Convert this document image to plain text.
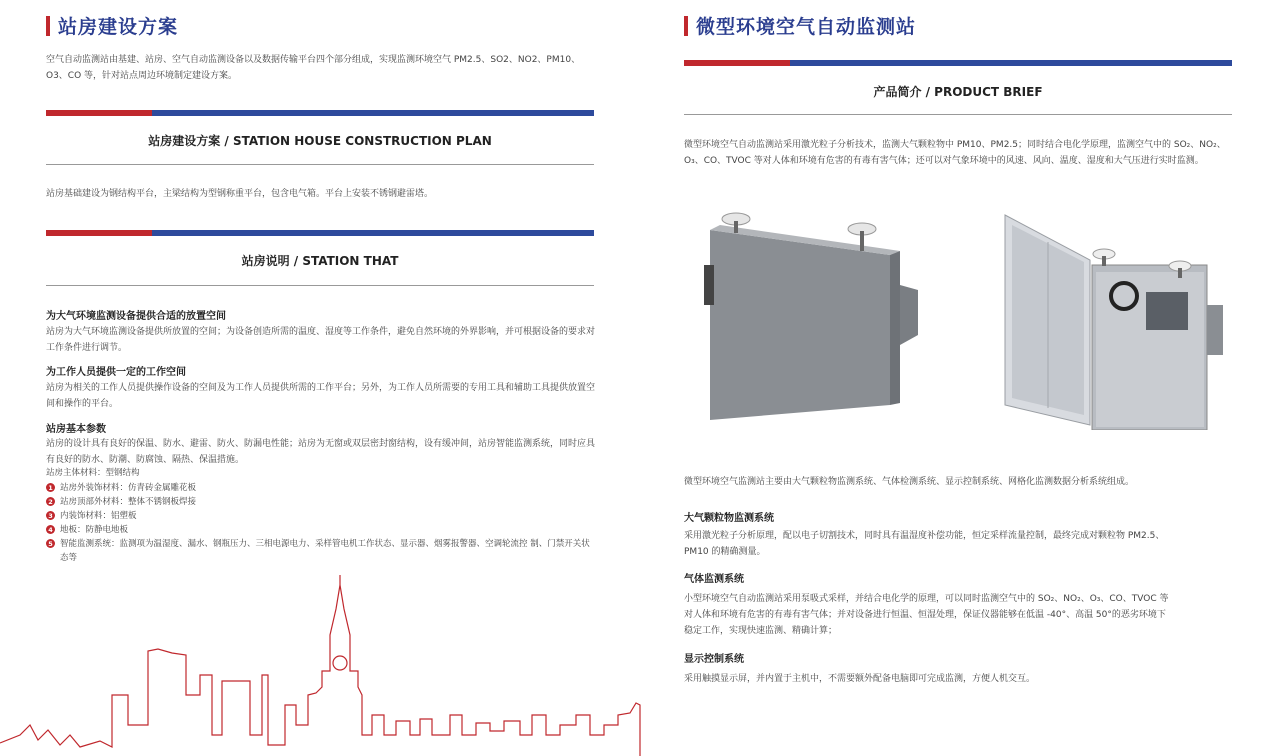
站房建设方案
空气自动监测站由基建、站房、空气自动监测设备以及数据传输平台四个部分组成，实现监测环境空气 PM2.5、SO2、NO2、PM10、O3、CO 等，针对站点周边环境制定建设方案。
站房建设方案 / STATION HOUSE CONSTRUCTION PLAN
站房基础建设为钢结构平台，主梁结构为型钢称重平台，包含电气箱。平台上安装不锈钢避雷塔。
站房说明 / STATION THAT
为大气环境监测设备提供合适的放置空间
站房为大气环境监测设备提供所放置的空间；为设备创造所需的温度、湿度等工作条件，避免自然环境的外界影响，并可根据设备的要求对工作条件进行调节。
为工作人员提供一定的工作空间
站房为相关的工作人员提供操作设备的空间及为工作人员提供所需的工作平台；另外，为工作人员所需要的专用工具和辅助工具提供放置空间和操作的平台。
站房基本参数
站房的设计具有良好的保温、防水、避雷、防火、防漏电性能；站房为无窗或双层密封窗结构，设有缓冲间，站房智能监测系统，同时应具有良好的防水、防潮、防腐蚀、隔热、保温措施。
站房主体材料：型钢结构
1 站房外装饰材料：仿青砖金属雕花板
2 站房顶部外材料：整体不锈钢板焊接
3 内装饰材料：铝塑板
4 地板：防静电地板
5 智能监测系统：监测项为温湿度、漏水、钢瓶压力、三相电源电力、采样管电机工作状态、显示器、烟雾报警器、空调轮流控 制、门禁开关状态等
微型环境空气自动监测站
产品简介 / PRODUCT BRIEF
微型环境空气自动监测站采用激光粒子分析技术，监测大气颗粒物中 PM10、PM2.5；同时结合电化学原理，监测空气中的 SO₂、NO₂、O₃、CO、TVOC 等对人体和环境有危害的有毒有害气体；还可以对气象环境中的风速、风向、温度、湿度和大气压进行实时监测。
微型环境空气监测站主要由大气颗粒物监测系统、气体检测系统、显示控制系统、网格化监测数据分析系统组成。
大气颗粒物监测系统
采用激光粒子分析原理，配以电子切割技术，同时具有温湿度补偿功能，恒定采样流量控制，最终完成对颗粒物 PM2.5、PM10 的精确测量。
气体监测系统
小型环境空气自动监测站采用泵吸式采样，并结合电化学的原理，可以同时监测空气中的 SO₂、NO₂、O₃、CO、TVOC 等对人体和环境有危害的有毒有害气体；并对设备进行恒温、恒湿处理，保证仪器能够在低温 -40°、高温 50°的恶劣环境下稳定工作，实现快速监测、精确计算；
显示控制系统
采用触摸显示屏，并内置于主机中，不需要额外配备电脑即可完成监测，方便人机交互。
